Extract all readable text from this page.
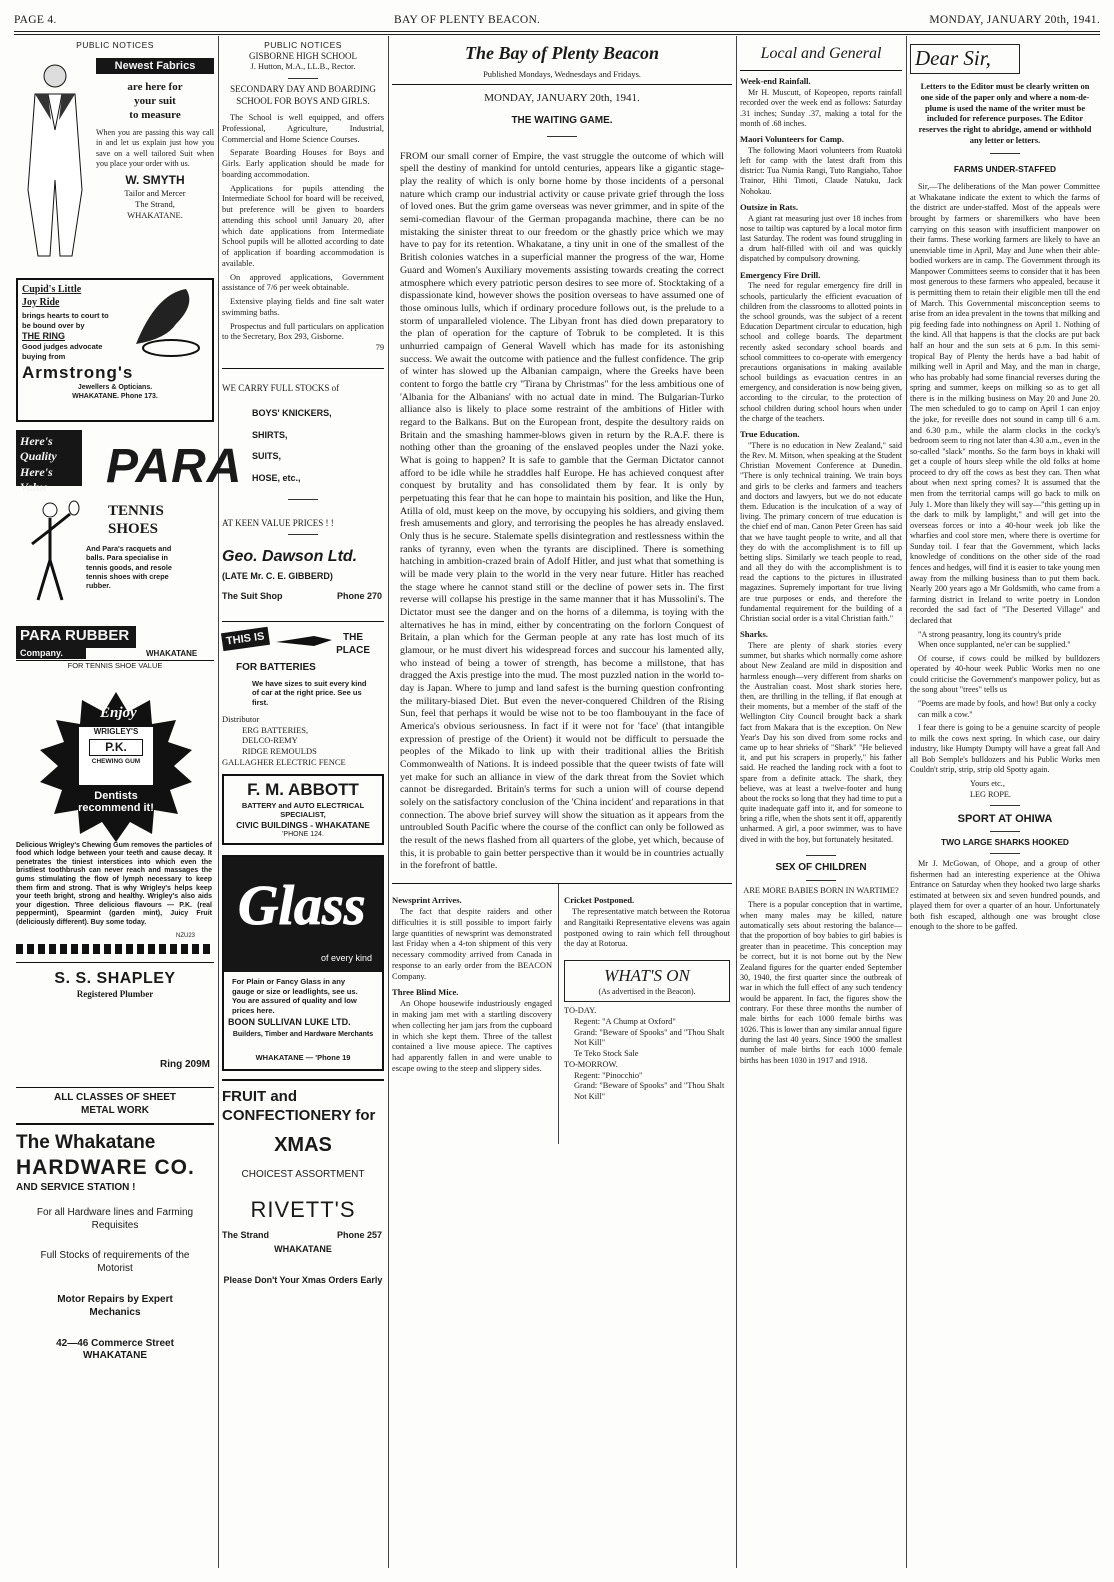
PAGE 4.	BAY OF PLENTY BEACON.	MONDAY, JANUARY 20th, 1941.
PUBLIC NOTICES
Newest Fabrics
are here for
your suit
to measure
When you are passing this way call in and let us explain just how you save on a well tailored Suit when you place your order with us.
W. SMYTH
Tailor and Mercer
The Strand,
WHAKATANE.
Cupid's Little
Joy Ride
brings hearts to court to be bound over by
THE RING
Good judges advocate buying from
Armstrong's
Jewellers & Opticians.
WHAKATANE. Phone 173.
Here's Quality
Here's Value	PARA
TENNIS
SHOES
And Para's racquets and balls. Para specialise in tennis goods, and resole tennis shoes with crepe rubber.
PARA RUBBER
Company.	WHAKATANE
FOR TENNIS SHOE VALUE
Enjoy
WRIGLEY'S
P.K.
CHEWING GUM
Dentists recommend it!
Delicious Wrigley's Chewing Gum removes the particles of food which lodge between your teeth and cause decay. It penetrates the tiniest interstices into which even the bristliest toothbrush can never reach and massages the gums stimulating the flow of lymph necessary to keep them firm and strong. That is why Wrigley's helps keep your teeth bright, strong and healthy. Wrigley's also aids your digestion. Three delicious flavours — P.K. (real peppermint), Spearmint (garden mint), Juicy Fruit (deliciously different). Buy some today.
NZU23
S. S. SHAPLEY
Registered Plumber
Ring 209M
ALL CLASSES OF SHEET
METAL WORK
The Whakatane
HARDWARE CO.
AND SERVICE STATION !
For all Hardware lines and Farming Requisites
Full Stocks of requirements of the Motorist
Motor Repairs by Expert Mechanics
42—46 Commerce Street
WHAKATANE
PUBLIC NOTICES
GISBORNE HIGH SCHOOL
J. Hutton, M.A., LL.B., Rector.
SECONDARY DAY AND BOARDING SCHOOL FOR BOYS AND GIRLS.

The School is well equipped, and offers Professional, Agriculture, Industrial, Commercial and Home Science Courses.

Separate Boarding Houses for Boys and Girls. Early application should be made for boarding accommodation.

Applications for pupils attending the Intermediate School for board will be received, but preference will be given to boarders attending this school until January 20, after which date applications from Intermediate School pupils will be allotted according to date of application if boarding accommodation is available.

On approved applications, Government assistance of 7/6 per week obtainable.

Extensive playing fields and fine salt water swimming baths.

Prospectus and full particulars on application to the Secretary, Box 293, Gisborne.

79
WE CARRY FULL STOCKS of
BOYS' KNICKERS,
SHIRTS,
SUITS,
HOSE, etc.,
AT KEEN VALUE PRICES ! !
Geo. Dawson Ltd.
(LATE Mr. C. E. GIBBERD)
The Suit Shop	Phone 270
THIS IS	THE
PLACE
FOR BATTERIES
We have sizes to suit every kind of car at the right price. See us first.
Distributor
ERG BATTERIES,
DELCO-REMY
RIDGE REMOULDS
GALLAGHER ELECTRIC FENCE
F. M. ABBOTT
BATTERY and AUTO ELECTRICAL SPECIALIST,
CIVIC BUILDINGS - WHAKATANE
'PHONE 124.
Glass
of every kind
For Plain or Fancy Glass in any gauge or size or leadlights, see us. You are assured of quality and low prices here.
BOON SULLIVAN LUKE LTD.
Builders, Timber and Hardware Merchants
WHAKATANE — 'Phone 19
FRUIT and
CONFECTIONERY for
XMAS
CHOICEST ASSORTMENT
RIVETT'S
The Strand	Phone 257
WHAKATANE
Please Don't Your Xmas Orders Early
The Bay of Plenty Beacon
Published Mondays, Wednesdays and Fridays.
MONDAY, JANUARY 20th, 1941.
THE WAITING GAME.

FROM our small corner of Empire, the vast struggle the outcome of which will spell the destiny of mankind for untold centuries, appears like a gigantic stage-play the reality of which is only borne home by those incidents of a personal nature which cramp our industrial activity or cause private grief through the loss of loved ones. But the grim game overseas was never grimmer, and in spite of the semi-comedian flavour of the German propaganda machine, there can be no mistaking the sinister threat to our freedom or the ghastly price which we may have to pay for its retention. Whakatane, a tiny unit in one of the smallest of the British colonies watches in a superficial manner the progress of the war, Home Guard and Women's Auxiliary movements assisting towards creating the correct atmosphere which every patriotic person desires to see more of. Stocktaking of a dispassionate kind, however shows the position overseas to have assumed one of those ominous lulls, which if ordinary procedure follows out, is the prelude to a storm of unparalleled violence. The Libyan front has died down preparatory to the plan of operation for the capture of Tobruk to be completed. It is this unhurried campaign of General Wavell which has made for its astonishing success. We await the outcome with patience and the fullest confidence. The grip of winter has slowed up the Albanian campaign, where the Greeks have been content to forgo the battle cry "Tirana by Christmas" for the less ambitious one of 'Albania for the Albanians' with no actual date in mind. The Bulgarian-Turko alliance also is likely to place some restraint of the ambitions of Hitler with regard to the Balkans. But on the European front, despite the desultory raids on Britain and the smashing hammer-blows given in return by the R.A.F. there is nothing other than the groaning of the enslaved peoples under the Nazi yoke. What is going to happen? It is safe to gamble that the German Dictator cannot afford to be idle while he straddles half Europe. He has achieved conquest after conquest by brutality and has consolidated them by fear. It is only by perpetuating this fear that he can hope to maintain his position, and like the Hun, Atilla of old, must keep on the move, by occupying his soldiers, and giving them fresh amusements and glory, and terrorising the peoples he has already enslaved. Only thus is he secure. Stalemate spells disintegration and restlessness within the ranks of tyranny, even when the tyrants are disciplined. There is something hatching in ambition-crazed brain of Adolf Hitler, and just what that something is will be made very plain to the world in the very near future. Hitler has reached the stage where he cannot stand still or the decline of power sets in. The first reverse will collapse his prestige in the same manner that it has Mussolini's. The Dictator must see the danger and on the horns of a dilemma, is toying with the alternatives he has in mind, either by concentrating on the forlorn Conquest of Britain, a plan which for the German people at any rate has lost much of its glamour, or he must divert his widespread forces and succour his lamented ally, who instead of being a tower of strength, has become a millstone, that has dragged the Axis prestige into the mud. The most puzzled nation in the world to-day is Japan. Where to jump and land safest is the burning question confronting the military-biased Diet. But even the never-conquered Children of the Rising Sun, feel that perhaps it would be wise not to be too flambouyant in the face of America's obvious seriousness. In fact if it were not for 'face' (that intangible expression of prestige of the Orient) it would not be difficult to persuade the peoples of the Mikado to link up with their traditional allies the British Commonwealth of Nations. It is indeed possible that the queer twists of fate will yet make for such an alliance in view of the dark threat from the Soviet which cannot be disregarded. Britain's terms for such a union will of course depend solely on the satisfactory conclusion of the 'China incident' and reparations in that connection. The above brief survey will show the situation as it appears from the untroubled South Pacific where the course of the conflict can only be followed as the result of the news flashed from all quarters of the globe, yet which, because of this, it is probable to gain better perspective than it would be in countries actually in the forefront of battle.

Newsprint Arrives.

The fact that despite raiders and other difficulties it is still possible to import fairly large quantities of newsprint was demonstrated last Friday when a 4-ton shipment of this very necessary commodity arrived from Canada in response to an early order from the BEACON Company.

Three Blind Mice.

An Ohope housewife industriously engaged in making jam met with a startling discovery when collecting her jam jars from the cupboard in which she kept them. Three of the tallest contained a live mouse apiece. The captives had apparently fallen in and were unable to escape owing to the steep and slippery sides.

Cricket Postponed.

The representative match between the Rotorua and Rangitaiki Representative elevens was again postponed owing to rain which fell throughout the day at Rotorua.

WHAT'S ON
(As advertised in the Beacon).
TO-DAY.
Regent: "A Chump at Oxford"
Grand: "Beware of Spooks" and "Thou Shalt Not Kill"
Te Teko Stock Sale
TO-MORROW.
Regent: "Pinocchio"
Grand: "Beware of Spooks" and "Thou Shalt Not Kill"
Local and General
Week-end Rainfall.

Mr H. Muscutt, of Kopeopeo, reports rainfall recorded over the week end as follows: Saturday .31 inches; Sunday .37, making a total for the month of .68 inches.

Maori Volunteers for Camp.

The following Maori volunteers from Ruatoki left for camp with the latest draft from this district: Tua Numia Rangi, Tuto Rangiaho, Tahoe Trainor, Hihi Timoti, Claude Natuku, Jack Nohokau.

Outsize in Rats.

A giant rat measuring just over 18 inches from nose to tailtip was captured by a local motor firm last Saturday. The rodent was found struggling in a drum half-filled with oil and was quickly dispatched by compulsory drowning.

Emergency Fire Drill.

The need for regular emergency fire drill in schools, particularly the efficient evacuation of children from the classrooms to allotted points in the school grounds, was the subject of a recent Education Department circular to education, high school and college boards. The department recently asked secondary school boards and school committees to co-operate with emergency precautions organisations in making available school buildings as evacuation centres in an emergency, and consideration is now being given, according to the circular, to the protection of school children during school hours when under the charge of the teachers.

True Education.

"There is no education in New Zealand," said the Rev. M. Mitson, when speaking at the Student Christian Movement Conference at Dunedin. "There is only technical training. We train boys and girls to be clerks and farmers and teachers and doctors and lawyers, but we do not educate them. Education is the inculcation of a way of living. The primary concern of true education is the chief end of man. Canon Peter Green has said that we have taught people to write, and all that they do with the accomplishment is to fill up betting slips. Similarly we teach people to read, and all they do with the accomplishment is to read the captions to the pictures in illustrated magazines. Supremely important for true living are true purposes or ends, and therefore the fundamental requirement for the building of a Christian social order is a vital Christian faith."

Sharks.

There are plenty of shark stories every summer, but sharks which normally come ashore about New Zealand are mild in disposition and harmless enough—very different from sharks on the Australian coast. Most shark stories here, then, are thrilling in the telling, if flat enough at their moments, but a member of the staff of the Wellington City Council brought back a shark fact from Makara that is the exception. On New Year's Day his son dived from some rocks and came up to hear shrieks of "Shark" "He believed it, and put his scrapers in properly," his father said. He reached the landing rock with a foot to spare from a definite attack. The shark, they believe, was at least a twelve-footer and hung about the rocks so long that they had time to put a quite inadequate gaff into it, and for someone to bring a rifle, when the shots sent it off, apparently unharmed. A girl, a poor swimmer, was to have dived in with the boy, but fortunately hesitated.

SEX OF CHILDREN
ARE MORE BABIES BORN IN WARTIME?

There is a popular conception that in wartime, when many males may be killed, nature automatically sets about restoring the balance—that the proportion of boy babies to girl babies is greater than in peacetime. This conception may be correct, but it is not borne out by the New Zealand figures for the quarter ended September 30, 1940, the first quarter since the outbreak of war in which the full effect of any such tendency would be apparent. In fact, the figures show the contrary. For these three months the number of male births for each 1000 female births was 1026. This is lower than any similar annual figure during the last 40 years. Since 1900 the smallest number of male births for each 1000 female births has been 1030 in 1917 and 1918.

Dear Sir,

Letters to the Editor must be clearly written on one side of the paper only and where a nom-de-plume is used the name of the writer must be included for reference purposes. The Editor reserves the right to abridge, amend or withhold any letter or letters.

FARMS UNDER-STAFFED

Sir,—The deliberations of the Man power Committee at Whakatane indicate the extent to which the farms of the district are under-staffed. Most of the appeals were brought by farmers or sharemilkers who have been carrying on this season with insufficient manpower on their farms. These working farmers are likely to have an unenviable time in April, May and June when their able-bodied workers are in camp. The Government through its Manpower Committees seems to consider that it has been most generous to these farmers who appealed, because it is permitting them to retain their eligible men till the end of March. This Governmental misconception seems to arise from an idea prevalent in the towns that milking and pig feeding fade into nothingness on April 1. Nothing of the kind. All that happens is that the clocks are put back half an hour and the sun sets at 6 p.m. In this semi-tropical Bay of Plenty the herds have a bad habit of milking well in April and May, and the man in charge, who has probably had some financial reverses during the spring and summer, keeps on milking so as to get all there is in the milking business on May 20 and June 20. The men scheduled to go to camp on April 1 can enjoy the joke, for reveille does not sound in camp till 6 a.m. and 6.30 p.m., while the alarm clocks in the cocky's bedroom seem to ring not later than 4.30 a.m., even in the so-called "slack" months. So the farm boys in khaki will get a couple of hours sleep while the old folks at home proceed to dry off the cows as best they can. Then what about when next spring comes? It is assumed that the men from the territorial camps will go back to milk on July 1. More than likely they will say—"this getting up in the dark to milk by lamplight," and will get into the overseas forces or into a 40-hour week job like the wharfies and cool store men, where there is overtime for Sunday toil. I fear that the Government, which lacks knowledge of conditions on the other side of the road fences and hedges, will find it is easier to take young men away from the milking business than to put them back. Nearly 200 years ago a Mr Goldsmith, who came from a farming district in Ireland to write poetry in London recorded the sad fact of "The Deserted Village" and declared that

"A strong peasantry, long its country's pride
When once supplanted, ne'er can be supplied."

Of course, if cows could be milked by bulldozers operated by 40-hour week Public Works men no one could criticise the Government's manpower policy, but as the song about "trees" tells us

"Poems are made by fools, and how! But only a cocky can milk a cow."

I fear there is going to be a genuine scarcity of people to milk the cows next spring. In which case, our dairy industry, like Humpty Dumpty will have a great fall And all Bob Semple's bulldozers and his Public Works men Couldn't strip, strip, strip old Spotty again.

Yours etc.,
LEG ROPE.
SPORT AT OHIWA
TWO LARGE SHARKS HOOKED

Mr J. McGowan, of Ohope, and a group of other fishermen had an interesting experience at the Ohiwa Entrance on Saturday when they hooked two large sharks estimated at between six and seven hundred pounds, and played them for over a quarter of an hour. Unfortunately both fish escaped, although one was brought close enough to the shore to be gaffed.
